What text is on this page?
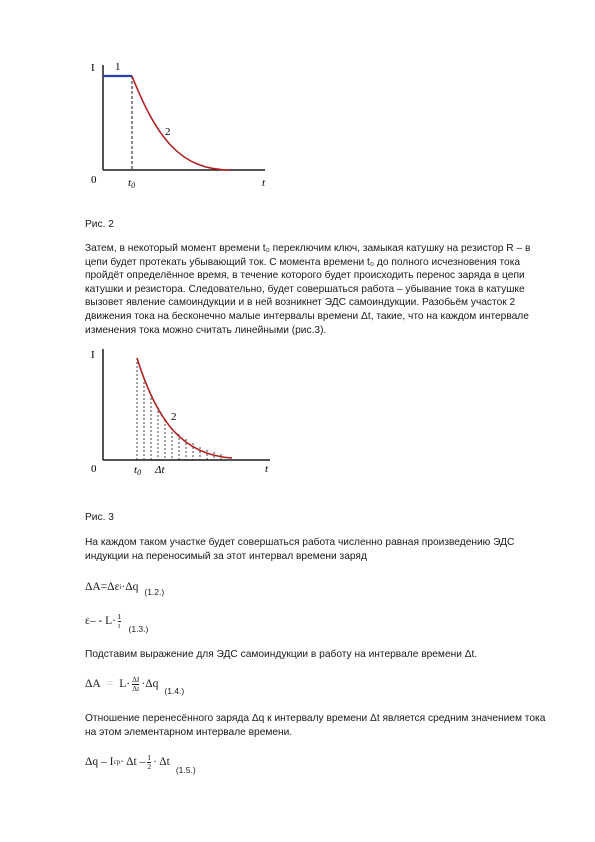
I
0	t
1
2
t0

Рис. 2

Затем, в некоторый момент времени t₀ переключим ключ, замыкая катушку на резистор R – в цепи будет протекать убывающий ток. С момента времени t₀ до полного исчезновения тока пройдёт определённое время, в течение которого будет происходить перенос заряда в цепи катушки и резистора. Следовательно, будет совершаться работа – убывание тока в катушке вызовет явление самоиндукции и в ней возникнет ЭДС самоиндукции. Разобьём участок 2 движения тока на бесконечно малые интервалы времени Δt, такие, что на каждом интервале изменения тока можно считать линейными (рис.3).

I
0	t
2
t0 Δt

Рис. 3

На каждом таком участке будет совершаться работа численно равная произведению ЭДС индукции на переносимый за этот интервал времени заряд

ΔA=Δε i ·Δq (1.2.)
$\varepsilon- - L\cdot \frac{I}{t} (1.3.)$

Подставим выражение для ЭДС самоиндукции в работу на интервале времени Δt.

$\Delta A = L\cdot \frac{\Delta I}{\Delta t} \cdot\Delta q$
(1.4.)

Отношение перенесённого заряда Δq к интервалу времени Δt является средним значением тока на этом элементарном интервале времени.

Δq – I cp · $\Delta t - \frac{I}{2} \cdot \Delta t$
(1.5.)
